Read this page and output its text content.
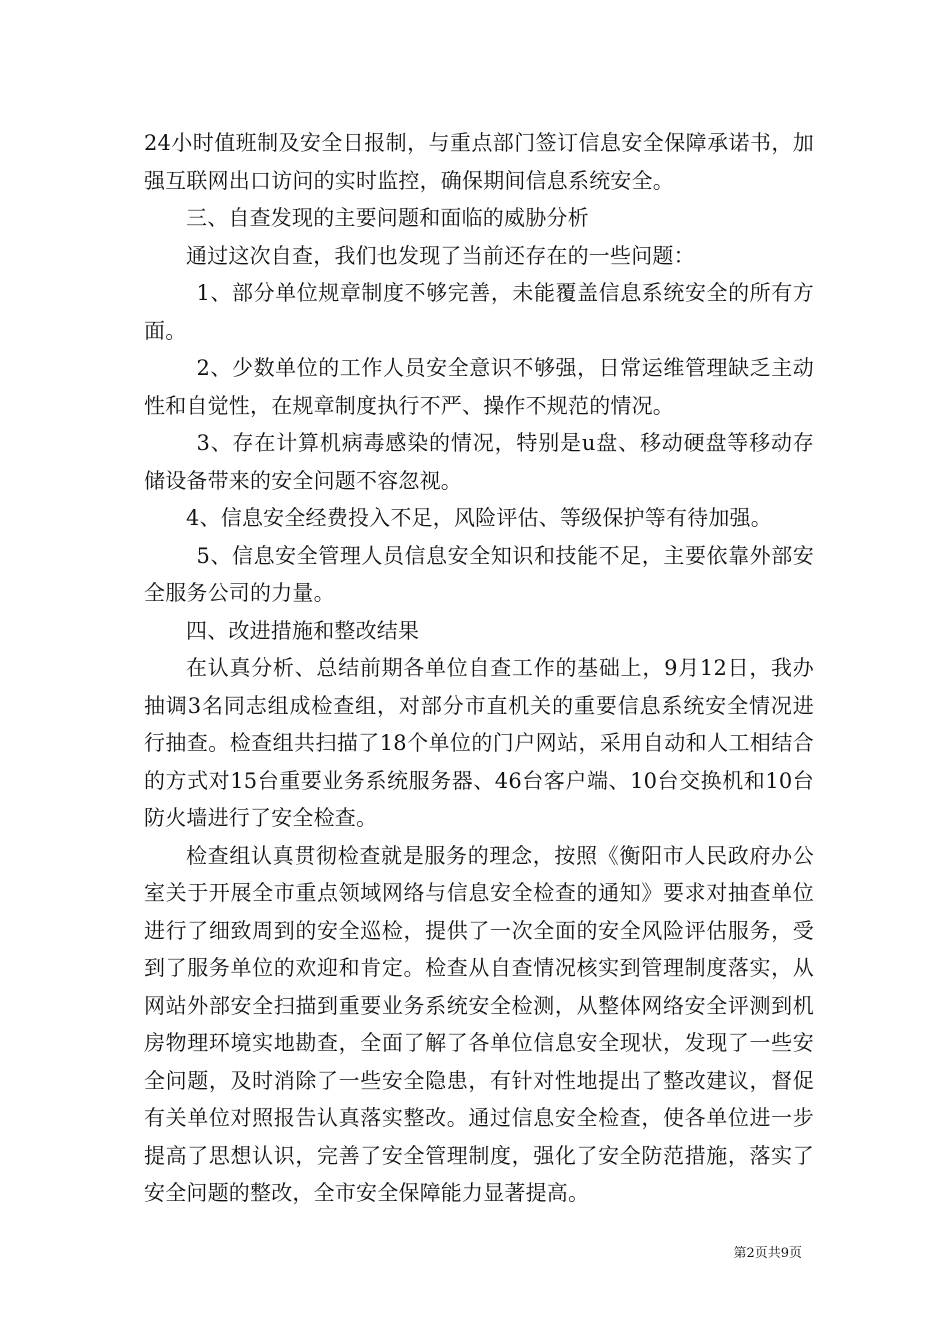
24小时值班制及安全日报制，与重点部门签订信息安全保障承诺书，加强互联网出口访问的实时监控，确保期间信息系统安全。

三、自查发现的主要问题和面临的威胁分析

通过这次自查，我们也发现了当前还存在的一些问题：

1、部分单位规章制度不够完善，未能覆盖信息系统安全的所有方面。

2、少数单位的工作人员安全意识不够强，日常运维管理缺乏主动性和自觉性，在规章制度执行不严、操作不规范的情况。

3、存在计算机病毒感染的情况，特别是u盘、移动硬盘等移动存储设备带来的安全问题不容忽视。

4、信息安全经费投入不足，风险评估、等级保护等有待加强。

5、信息安全管理人员信息安全知识和技能不足，主要依靠外部安全服务公司的力量。

四、改进措施和整改结果

在认真分析、总结前期各单位自查工作的基础上，9月12日，我办抽调3名同志组成检查组，对部分市直机关的重要信息系统安全情况进行抽查。检查组共扫描了18个单位的门户网站，采用自动和人工相结合的方式对15台重要业务系统服务器、46台客户端、10台交换机和10台防火墙进行了安全检查。

检查组认真贯彻检查就是服务的理念，按照《衡阳市人民政府办公室关于开展全市重点领域网络与信息安全检查的通知》要求对抽查单位进行了细致周到的安全巡检，提供了一次全面的安全风险评估服务，受到了服务单位的欢迎和肯定。检查从自查情况核实到管理制度落实，从网站外部安全扫描到重要业务系统安全检测，从整体网络安全评测到机房物理环境实地勘查，全面了解了各单位信息安全现状，发现了一些安全问题，及时消除了一些安全隐患，有针对性地提出了整改建议，督促有关单位对照报告认真落实整改。通过信息安全检查，使各单位进一步提高了思想认识，完善了安全管理制度，强化了安全防范措施，落实了安全问题的整改，全市安全保障能力显著提高。

第2页共9页
